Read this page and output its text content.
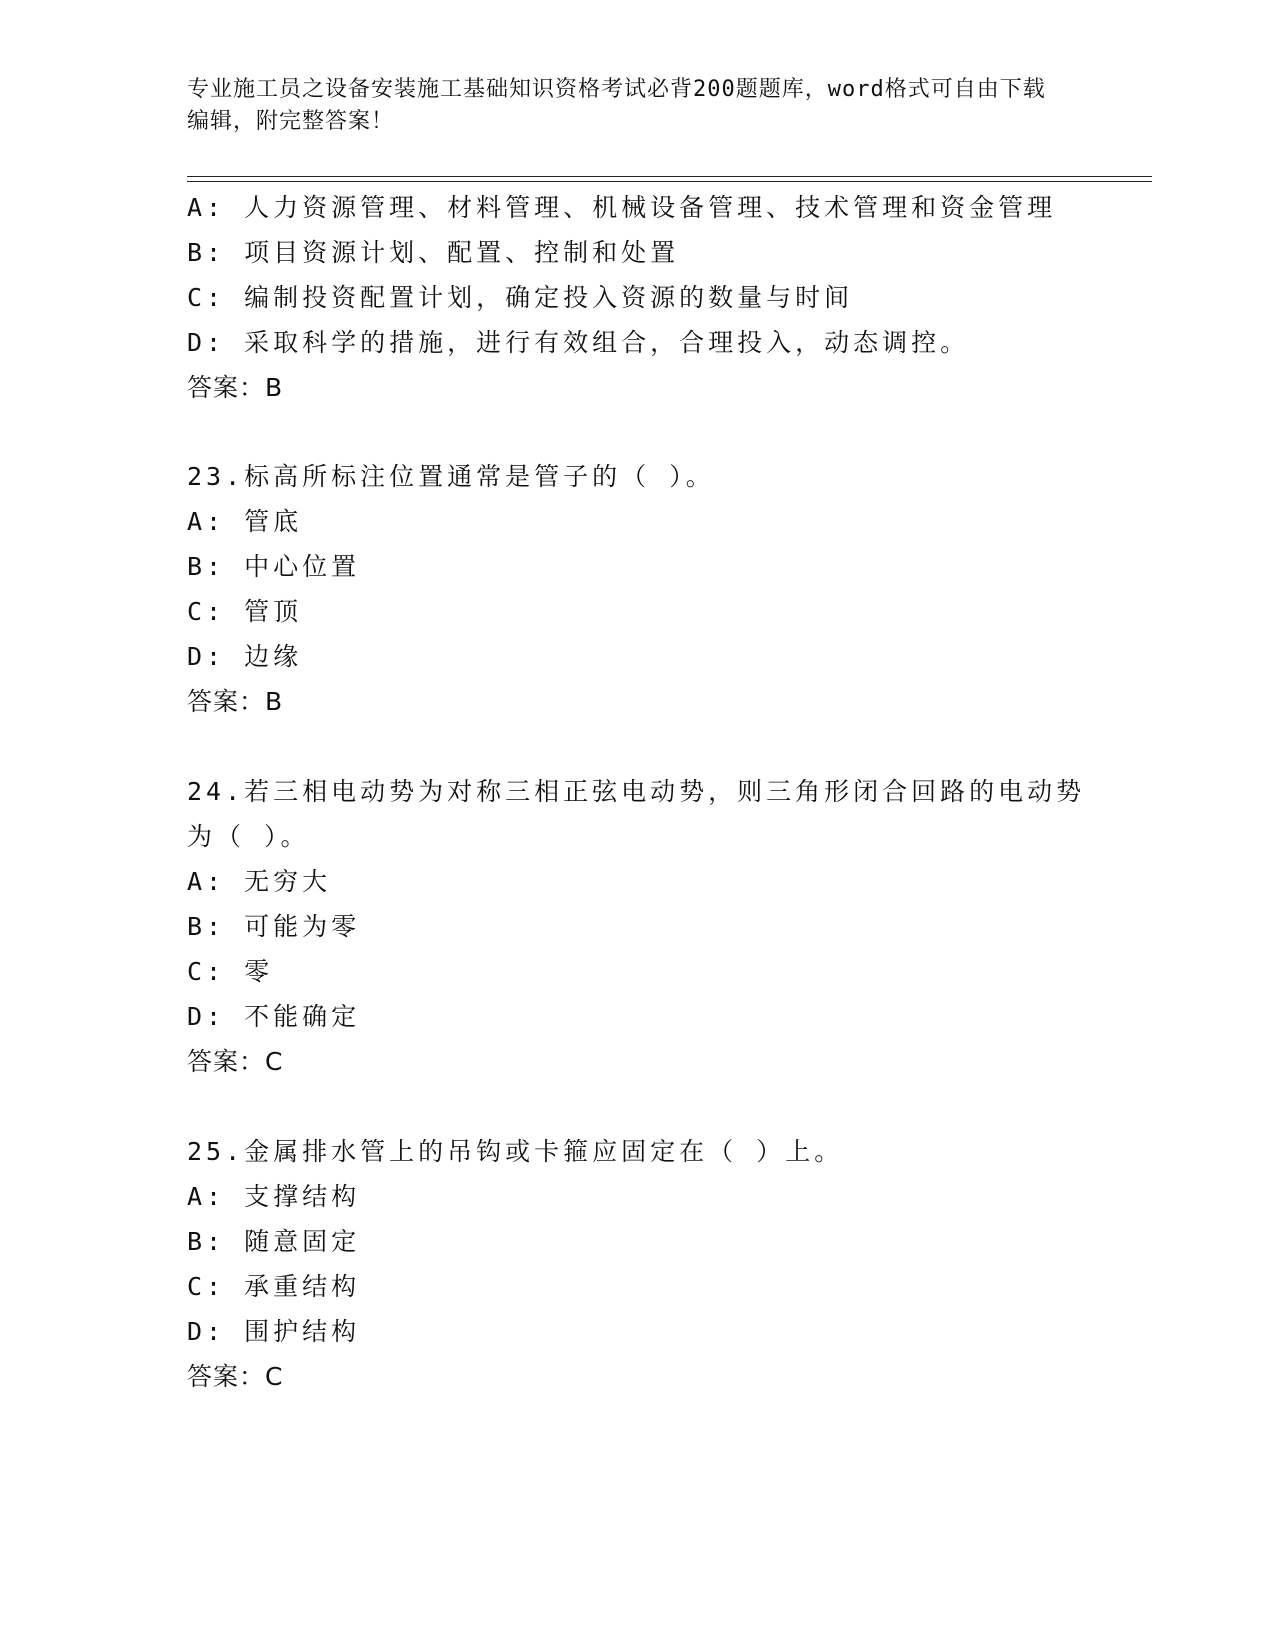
专业施工员之设备安装施工基础知识资格考试必背200题题库，word格式可自由下载编辑，附完整答案！
A: 人力资源管理、材料管理、机械设备管理、技术管理和资金管理
B: 项目资源计划、配置、控制和处置
C: 编制投资配置计划，确定投入资源的数量与时间
D: 采取科学的措施，进行有效组合，合理投入，动态调控。
答案：B
23.标高所标注位置通常是管子的（ ）。
A: 管底
B: 中心位置
C: 管顶
D: 边缘
答案：B
24.若三相电动势为对称三相正弦电动势，则三角形闭合回路的电动势
为（ ）。
A: 无穷大
B: 可能为零
C: 零
D: 不能确定
答案：C
25.金属排水管上的吊钩或卡箍应固定在（ ）上。
A: 支撑结构
B: 随意固定
C: 承重结构
D: 围护结构
答案：C
